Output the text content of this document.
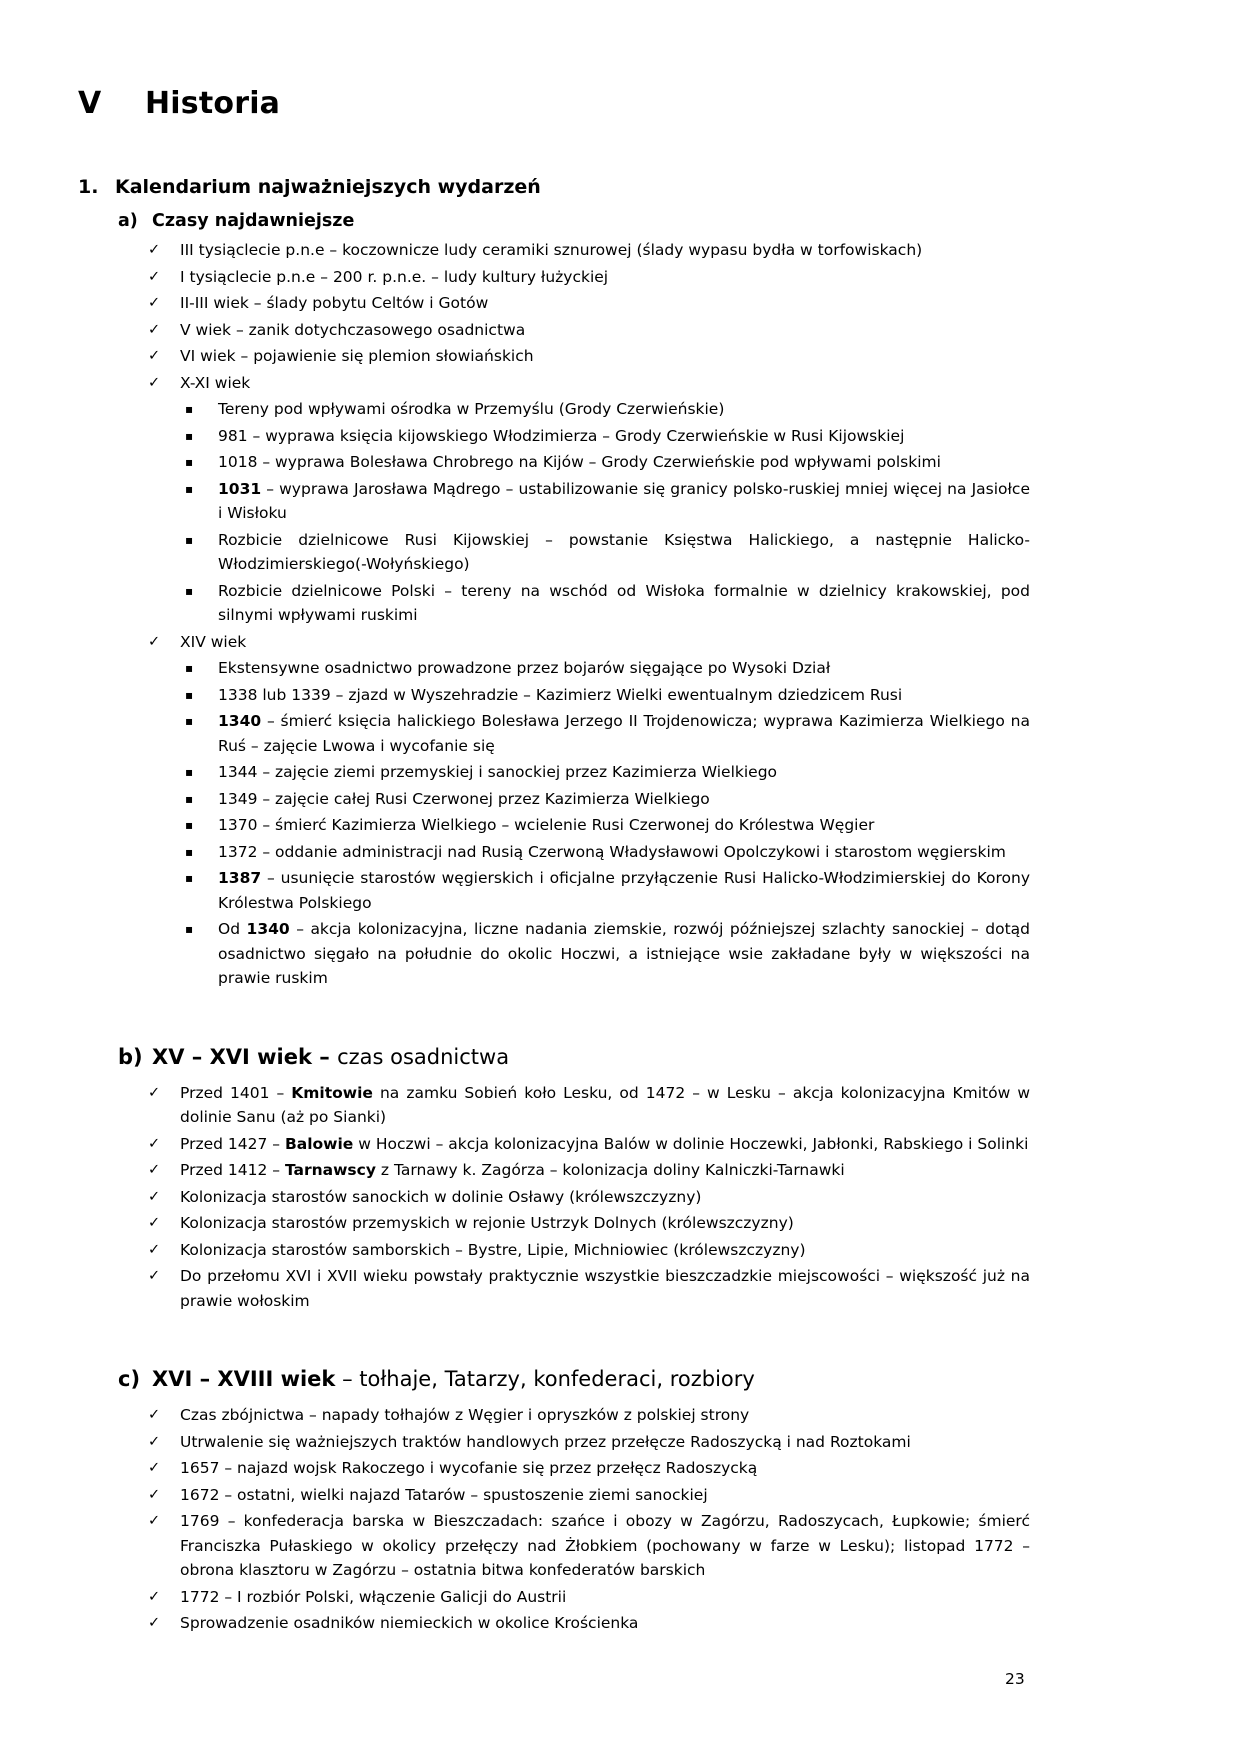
V Historia
1. Kalendarium najważniejszych wydarzeń
a) Czasy najdawniejsze
✓ III tysiąclecie p.n.e – koczownicze ludy ceramiki sznurowej (ślady wypasu bydła w torfowiskach)
✓ I tysiąclecie p.n.e – 200 r. p.n.e. – ludy kultury łużyckiej
✓ II-III wiek – ślady pobytu Celtów i Gotów
✓ V wiek – zanik dotychczasowego osadnictwa
✓ VI wiek – pojawienie się plemion słowiańskich
✓ X-XI wiek
▪ Tereny pod wpływami ośrodka w Przemyślu (Grody Czerwieńskie)
▪ 981 – wyprawa księcia kijowskiego Włodzimierza – Grody Czerwieńskie w Rusi Kijowskiej
▪ 1018 – wyprawa Bolesława Chrobrego na Kijów – Grody Czerwieńskie pod wpływami polskimi
▪ 1031 – wyprawa Jarosława Mądrego – ustabilizowanie się granicy polsko-ruskiej mniej więcej na Jasiołce i Wisłoku
▪ Rozbicie dzielnicowe Rusi Kijowskiej – powstanie Księstwa Halickiego, a następnie Halicko-Włodzimierskiego(-Wołyńskiego)
▪ Rozbicie dzielnicowe Polski – tereny na wschód od Wisłoka formalnie w dzielnicy krakowskiej, pod silnymi wpływami ruskimi
✓ XIV wiek
▪ Ekstensywne osadnictwo prowadzone przez bojarów sięgające po Wysoki Dział
▪ 1338 lub 1339 – zjazd w Wyszehradzie – Kazimierz Wielki ewentualnym dziedzicem Rusi
▪ 1340 – śmierć księcia halickiego Bolesława Jerzego II Trojdenowicza; wyprawa Kazimierza Wielkiego na Ruś – zajęcie Lwowa i wycofanie się
▪ 1344 – zajęcie ziemi przemyskiej i sanockiej przez Kazimierza Wielkiego
▪ 1349 – zajęcie całej Rusi Czerwonej przez Kazimierza Wielkiego
▪ 1370 – śmierć Kazimierza Wielkiego – wcielenie Rusi Czerwonej do Królestwa Węgier
▪ 1372 – oddanie administracji nad Rusią Czerwoną Władysławowi Opolczykowi i starostom węgierskim
▪ 1387 – usunięcie starostów węgierskich i oficjalne przyłączenie Rusi Halicko-Włodzimierskiej do Korony Królestwa Polskiego
▪ Od 1340 – akcja kolonizacyjna, liczne nadania ziemskie, rozwój późniejszej szlachty sanockiej – dotąd osadnictwo sięgało na południe do okolic Hoczwi, a istniejące wsie zakładane były w większości na prawie ruskim
b) XV – XVI wiek – czas osadnictwa
✓ Przed 1401 – Kmitowie na zamku Sobień koło Lesku, od 1472 – w Lesku – akcja kolonizacyjna Kmitów w dolinie Sanu (aż po Sianki)
✓ Przed 1427 – Balowie w Hoczwi – akcja kolonizacyjna Balów w dolinie Hoczewki, Jabłonki, Rabskiego i Solinki
✓ Przed 1412 – Tarnawscy z Tarnawy k. Zagórza – kolonizacja doliny Kalniczki-Tarnawki
✓ Kolonizacja starostów sanockich w dolinie Osławy (królewszczyzny)
✓ Kolonizacja starostów przemyskich w rejonie Ustrzyk Dolnych (królewszczyzny)
✓ Kolonizacja starostów samborskich – Bystre, Lipie, Michniowiec (królewszczyzny)
✓ Do przełomu XVI i XVII wieku powstały praktycznie wszystkie bieszczadzkie miejscowości – większość już na prawie wołoskim
c) XVI – XVIII wiek – tołhaje, Tatarzy, konfederaci, rozbiory
✓ Czas zbójnictwa – napady tołhajów z Węgier i opryszków z polskiej strony
✓ Utrwalenie się ważniejszych traktów handlowych przez przełęcze Radoszycką i nad Roztokami
✓ 1657 – najazd wojsk Rakoczego i wycofanie się przez przełęcz Radoszycką
✓ 1672 – ostatni, wielki najazd Tatarów – spustoszenie ziemi sanockiej
✓ 1769 – konfederacja barska w Bieszczadach: szańce i obozy w Zagórzu, Radoszycach, Łupkowie; śmierć Franciszka Pułaskiego w okolicy przełęczy nad Żłobkiem (pochowany w farze w Lesku); listopad 1772 – obrona klasztoru w Zagórzu – ostatnia bitwa konfederatów barskich
✓ 1772 – I rozbiór Polski, włączenie Galicji do Austrii
✓ Sprowadzenie osadników niemieckich w okolice Krościenka
23
